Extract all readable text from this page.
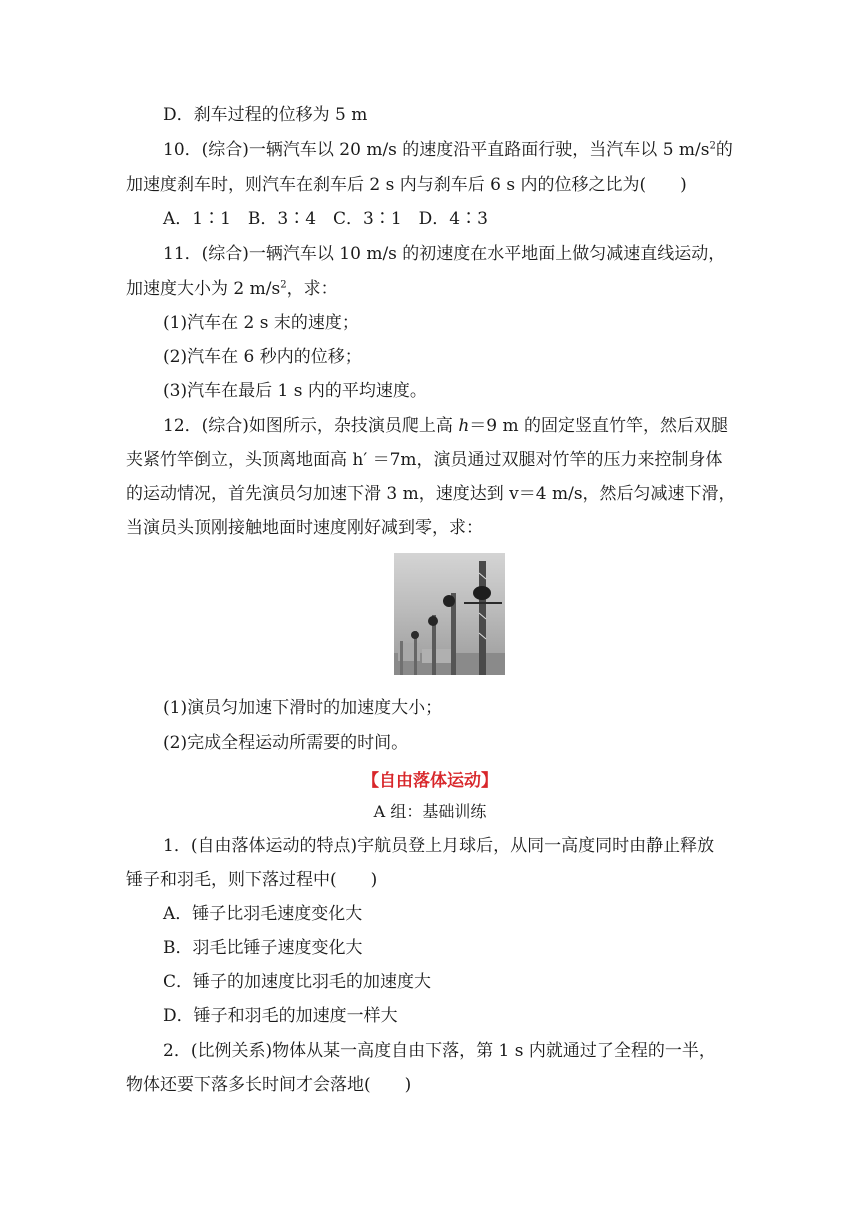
D．刹车过程的位移为 5 m
10．(综合)一辆汽车以 20 m/s 的速度沿平直路面行驶，当汽车以 5 $m/s^2$的
加速度刹车时，则汽车在刹车后 2 s 内与刹车后 6 s 内的位移之比为(　　)
A．1∶1　B．3∶4　C．3∶1　D．4∶3
11．(综合)一辆汽车以 10 m/s 的初速度在水平地面上做匀减速直线运动，
加速度大小为 2 $m/s^2$，求：
(1)汽车在 2 s 末的速度；
(2)汽车在 6 秒内的位移；
(3)汽车在最后 1 s 内的平均速度。
12．(综合)如图所示，杂技演员爬上高 h＝9 m 的固定竖直竹竿，然后双腿
夹紧竹竿倒立，头顶离地面高 h′ ＝7m，演员通过双腿对竹竿的压力来控制身体
的运动情况，首先演员匀加速下滑 3 m，速度达到 v＝4 m/s，然后匀减速下滑，
当演员头顶刚接触地面时速度刚好减到零，求：
(1)演员匀加速下滑时的加速度大小；
(2)完成全程运动所需要的时间。
【自由落体运动】
A 组：基础训练
1．(自由落体运动的特点)宇航员登上月球后，从同一高度同时由静止释放
锤子和羽毛，则下落过程中(　　)
A．锤子比羽毛速度变化大
B．羽毛比锤子速度变化大
C．锤子的加速度比羽毛的加速度大
D．锤子和羽毛的加速度一样大
2．(比例关系)物体从某一高度自由下落，第 1 s 内就通过了全程的一半，
物体还要下落多长时间才会落地(　　)
